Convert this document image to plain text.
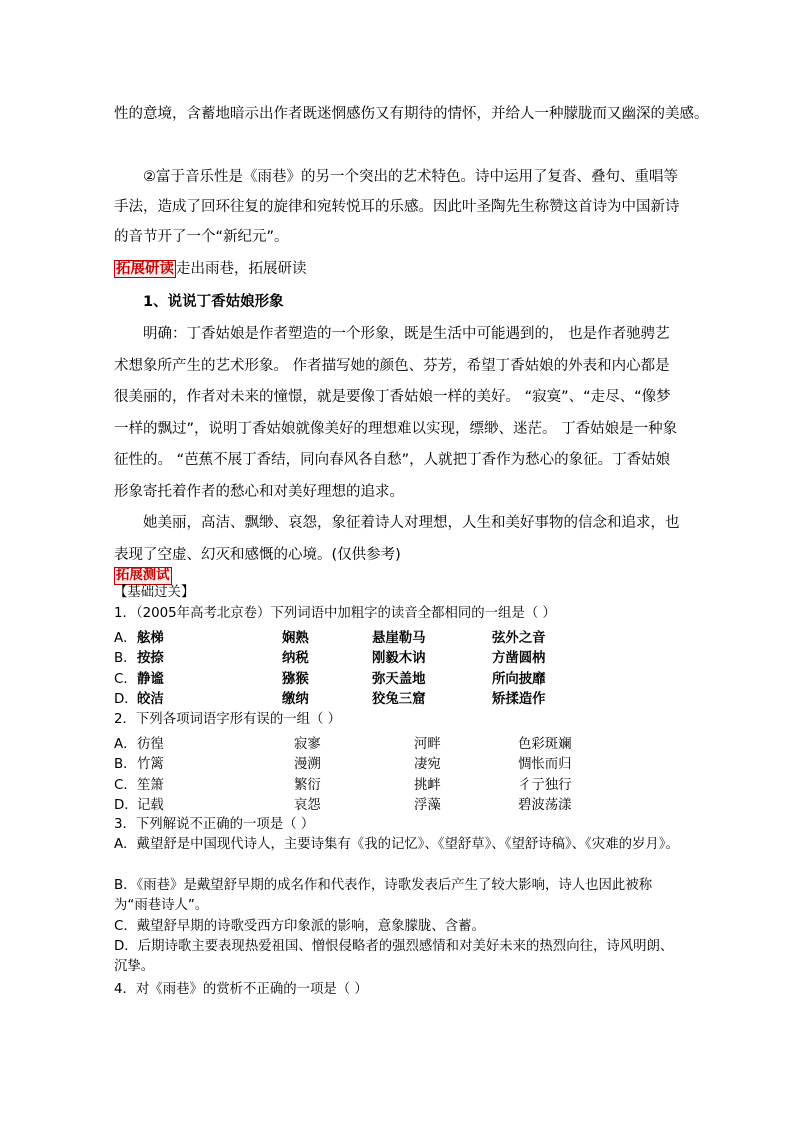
性的意境，含蓄地暗示出作者既迷惘感伤又有期待的情怀，并给人一种朦胧而又幽深的美感。
②富于音乐性是《雨巷》的另一个突出的艺术特色。诗中运用了复沓、叠句、重唱等手法，造成了回环往复的旋律和宛转悦耳的乐感。因此叶圣陶先生称赞这首诗为中国新诗的音节开了一个“新纪元”。
拓展研读 走出雨巷，拓展研读
1、说说丁香姑娘形象
明确：丁香姑娘是作者塑造的一个形象，既是生活中可能遇到的， 也是作者驰骋艺术想象所产生的艺术形象。 作者描写她的颜色、芬芳，希望丁香姑娘的外表和内心都是很美丽的，作者对未来的憧憬，就是要像丁香姑娘一样的美好。 “寂寞”、“走尽、“像梦一样的飘过”，说明丁香姑娘就像美好的理想难以实现，缥缈、迷茫。 丁香姑娘是一种象征性的。 “芭蕉不展丁香结，同向春风各自愁”，人就把丁香作为愁心的象征。丁香姑娘形象寄托着作者的愁心和对美好理想的追求。
她美丽，高洁、飘缈、哀怨，象征着诗人对理想，人生和美好事物的信念和追求，也表现了空虚、幻灭和感慨的心境。(仅供参考)
拓展测试
【基础过关】
1．（2005年高考北京卷）下列词语中加粗字的读音全都相同的一组是（ ）
A． 舷梯	娴熟	悬崖勒马	弦外之音
B． 按捺	纳税	刚毅木讷	方凿圆枘
C． 静谧	猕猴	弥天盖地	所向披靡
D． 皎洁	缴纳	狡兔三窟	矫揉造作
2．下列各项词语字形有误的一组（ ）
A． 彷徨	寂寥	河畔	色彩斑斓
B． 竹篱	漫溯	凄宛	惆怅而归
C． 笙箫	繁衍	挑衅	彳亍独行
D． 记载	哀怨	浮藻	碧波荡漾
3．下列解说不正确的一项是（ ）
A．戴望舒是中国现代诗人，主要诗集有《我的记忆》、《望舒草》、《望舒诗稿》、《灾难的岁月》。
B．《雨巷》是戴望舒早期的成名作和代表作，诗歌发表后产生了较大影响，诗人也因此被称为“雨巷诗人”。
C．戴望舒早期的诗歌受西方印象派的影响，意象朦胧、含蓄。
D．后期诗歌主要表现热爱祖国、憎恨侵略者的强烈感情和对美好未来的热烈向往，诗风明朗、沉挚。
4．对《雨巷》的赏析不正确的一项是（ ）
